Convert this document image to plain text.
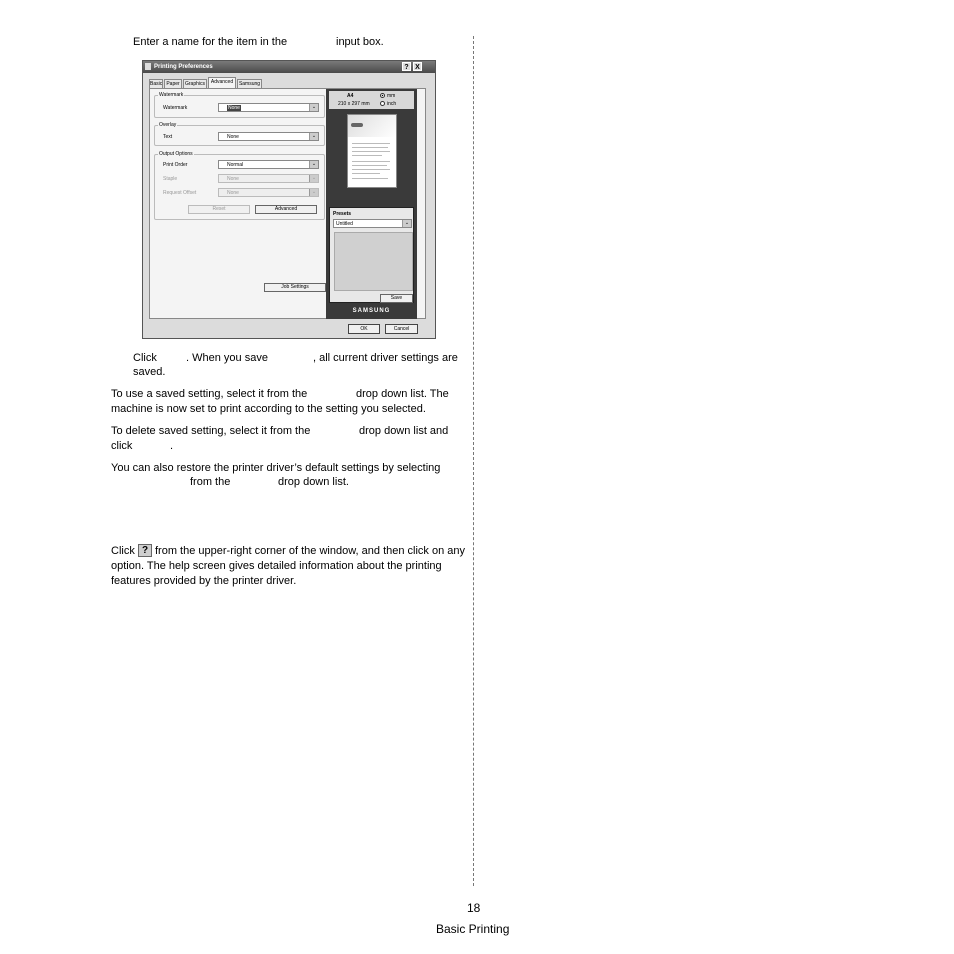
Enter a name for the item in the	input box.
Printing Preferences	? X
Basic Paper	Graphics	Advanced	Samsung
Watermark
Watermark	None	⌄
Overlay
Text	None	⌄
Output Options
Print Order	Normal	⌄
Staple	None	⌄
Request Offset	None	⌄
Reset	Advanced
Job Settings
A4
210 x 297 mm
mm
inch
Presets
Untitled	⌄
Save
SAMSUNG
OK	Cancel
Click	. When you save	, all current driver settings are
saved.
To use a saved setting, select it from the	drop down list. The
machine is now set to print according to the setting you selected.
To delete saved setting, select it from the	drop down list and
click	.
You can also restore the printer driver’s default settings by selecting
from the	drop down list.
Click ? from the upper-right corner of the window, and then click on any
option. The help screen gives detailed information about the printing
features provided by the printer driver.
18
Basic Printing
